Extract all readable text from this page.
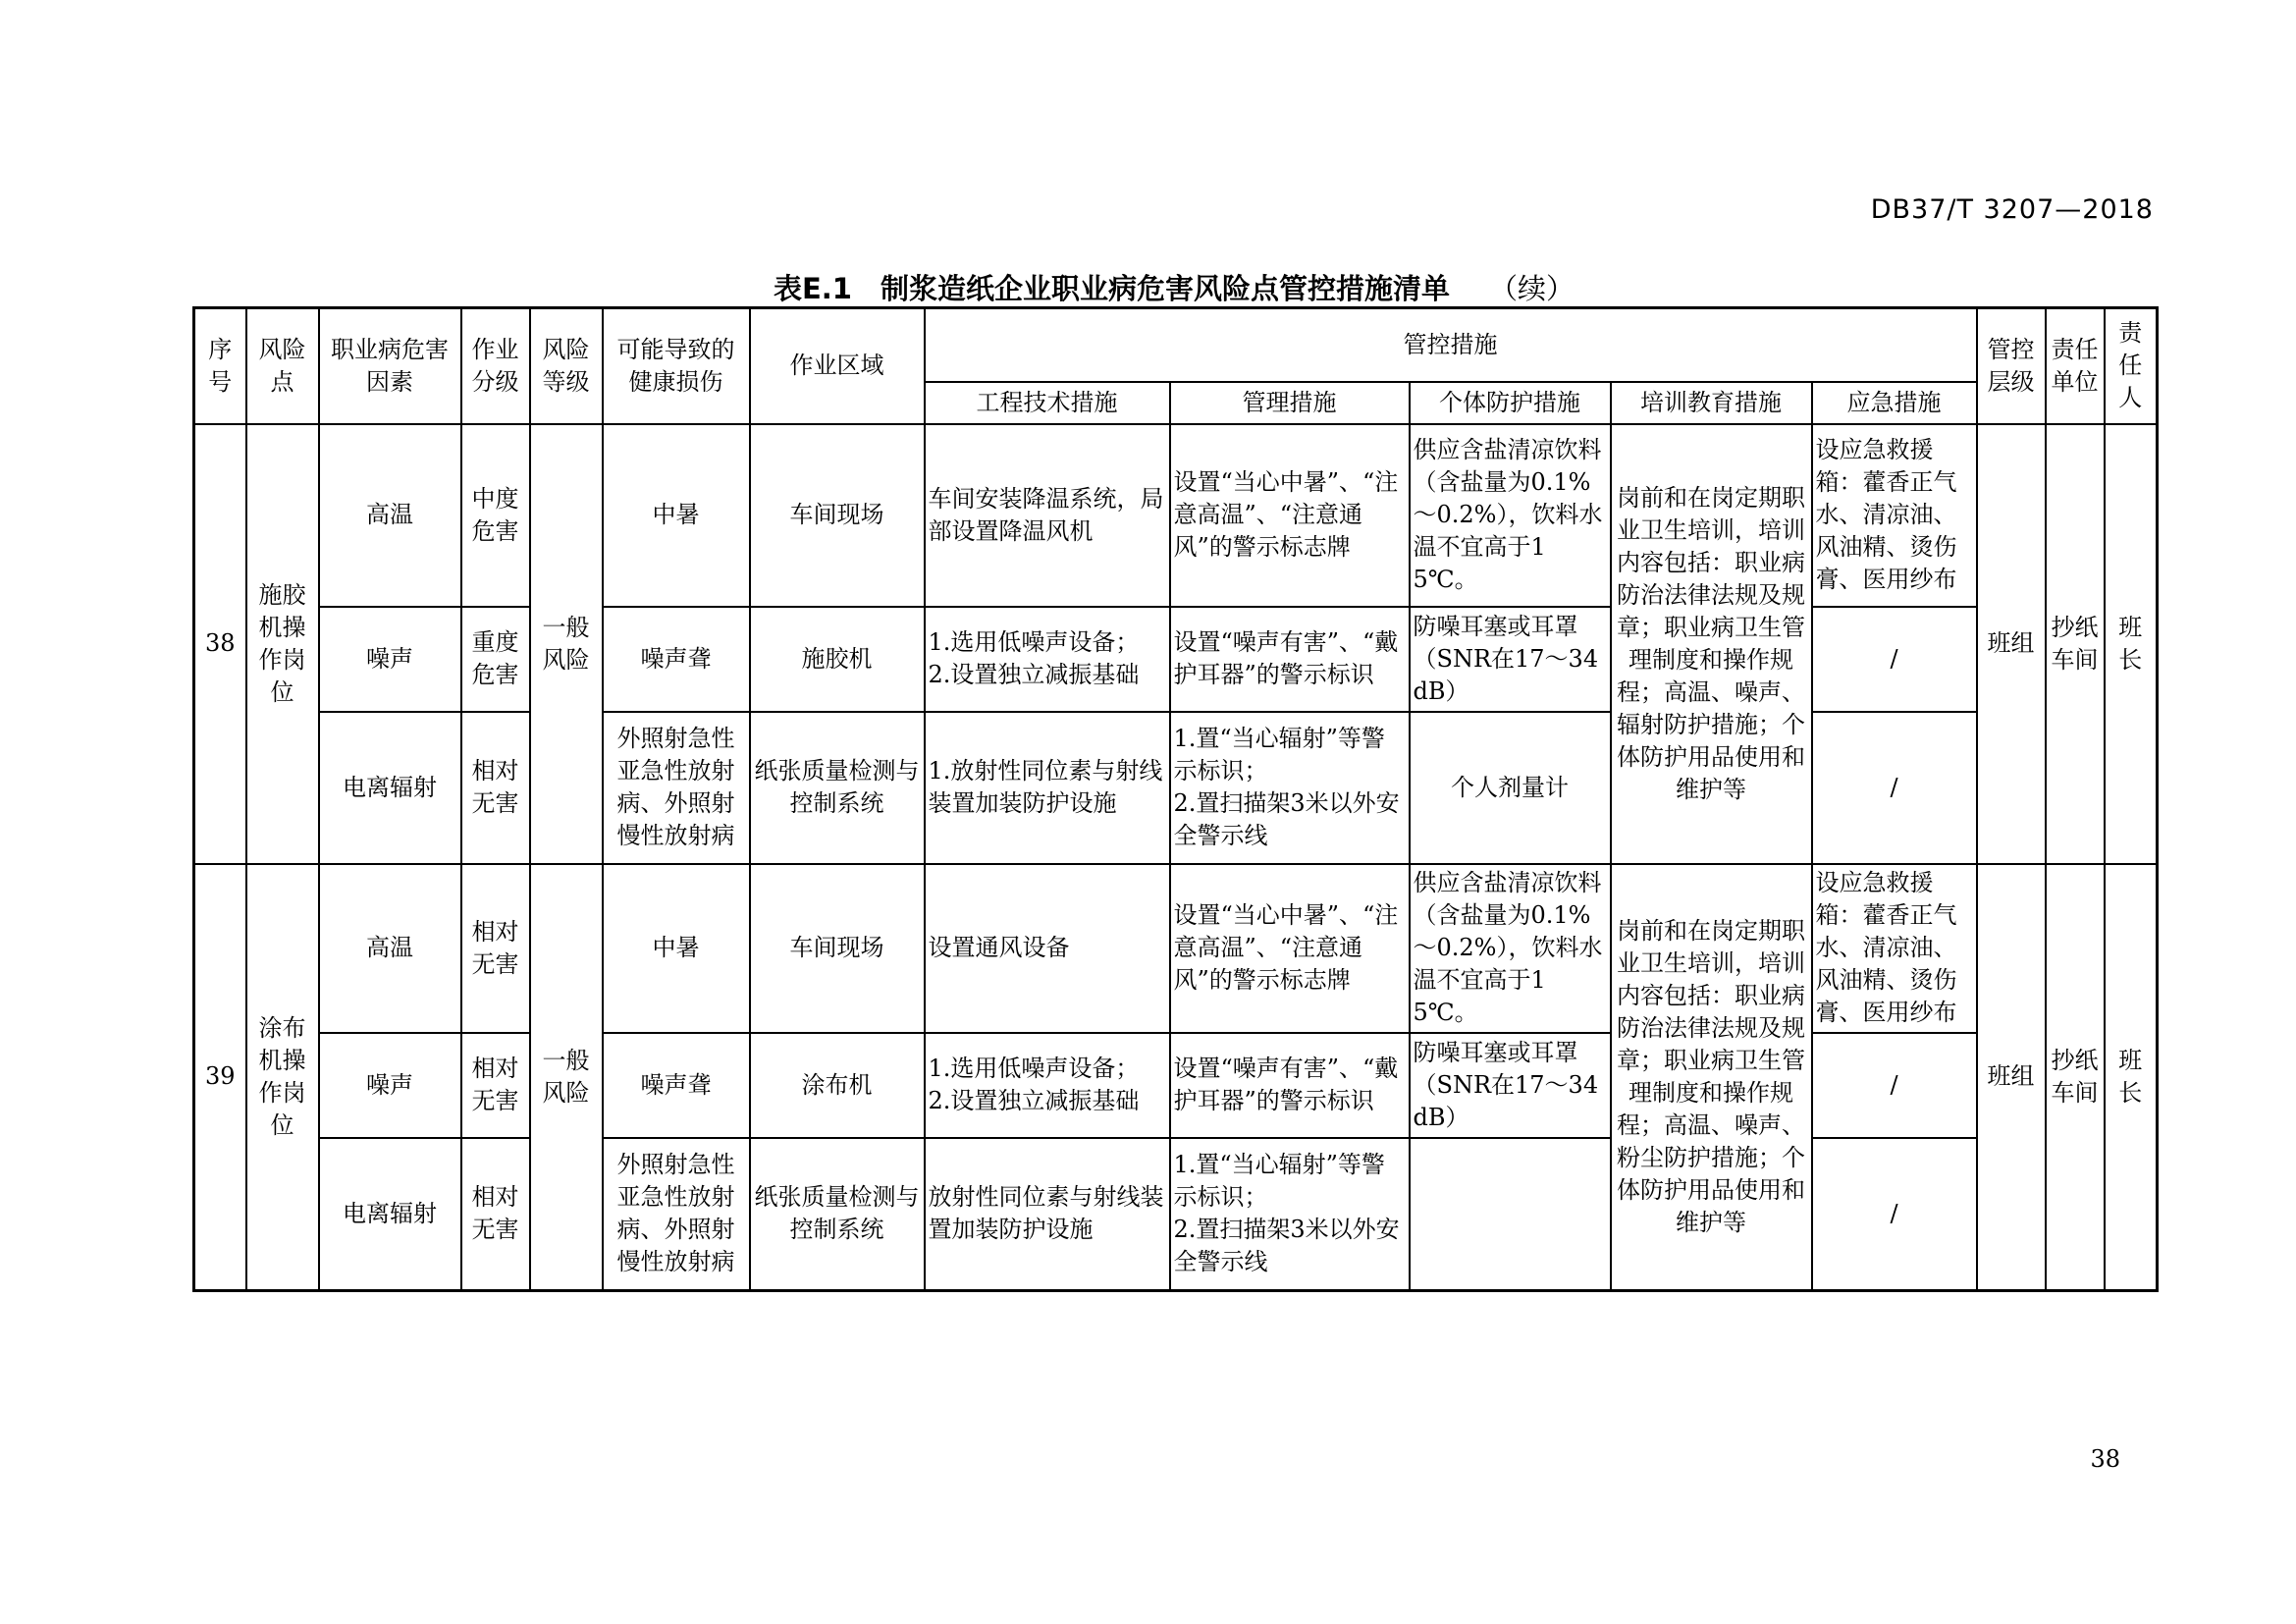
DB37/T 3207—2018
表E.1　制浆造纸企业职业病危害风险点管控措施清单 （续）
序号	风险点	职业病危害因素	作业分级	风险等级	可能导致的健康损伤	作业区域	管控措施					管控层级	责任单位	责任人
							工程技术措施	管理措施	个体防护措施	培训教育措施	应急措施			
38	施胶机操作岗位	高温	中度危害	一般风险	中暑	车间现场	车间安装降温系统，局部设置降温风机	设置“当心中暑”、“注意高温”、“注意通风”的警示标志牌	供应含盐清凉饮料（含盐量为0.1%～0.2%），饮料水温不宜高于15℃。	岗前和在岗定期职业卫生培训，培训内容包括：职业病防治法律法规及规章；职业病卫生管理制度和操作规程；高温、噪声、辐射防护措施；个体防护用品使用和维护等	设应急救援箱：藿香正气水、清凉油、风油精、烫伤膏、医用纱布	班组	抄纸车间	班长
		噪声	重度危害		噪声聋	施胶机	1.选用低噪声设备；
2.设置独立减振基础	设置“噪声有害”、“戴护耳器”的警示标识	防噪耳塞或耳罩（SNR在17～34dB）		/			
		电离辐射	相对无害		外照射急性亚急性放射病、外照射慢性放射病	纸张质量检测与控制系统	1.放射性同位素与射线装置加装防护设施	1.置“当心辐射”等警示标识；
2.置扫描架3米以外安全警示线	个人剂量计		/			
39	涂布机操作岗位	高温	相对无害	一般风险	中暑	车间现场	设置通风设备	设置“当心中暑”、“注意高温”、“注意通风”的警示标志牌	供应含盐清凉饮料（含盐量为0.1%～0.2%），饮料水温不宜高于15℃。	岗前和在岗定期职业卫生培训，培训内容包括：职业病防治法律法规及规章；职业病卫生管理制度和操作规程；高温、噪声、粉尘防护措施；个体防护用品使用和维护等	设应急救援箱：藿香正气水、清凉油、风油精、烫伤膏、医用纱布	班组	抄纸车间	班长
		噪声	相对无害		噪声聋	涂布机	1.选用低噪声设备；
2.设置独立减振基础	设置“噪声有害”、“戴护耳器”的警示标识	防噪耳塞或耳罩（SNR在17～34dB）		/			
		电离辐射	相对无害		外照射急性亚急性放射病、外照射慢性放射病	纸张质量检测与控制系统	放射性同位素与射线装置加装防护设施	1.置“当心辐射”等警示标识；
2.置扫描架3米以外安全警示线			/			
38
